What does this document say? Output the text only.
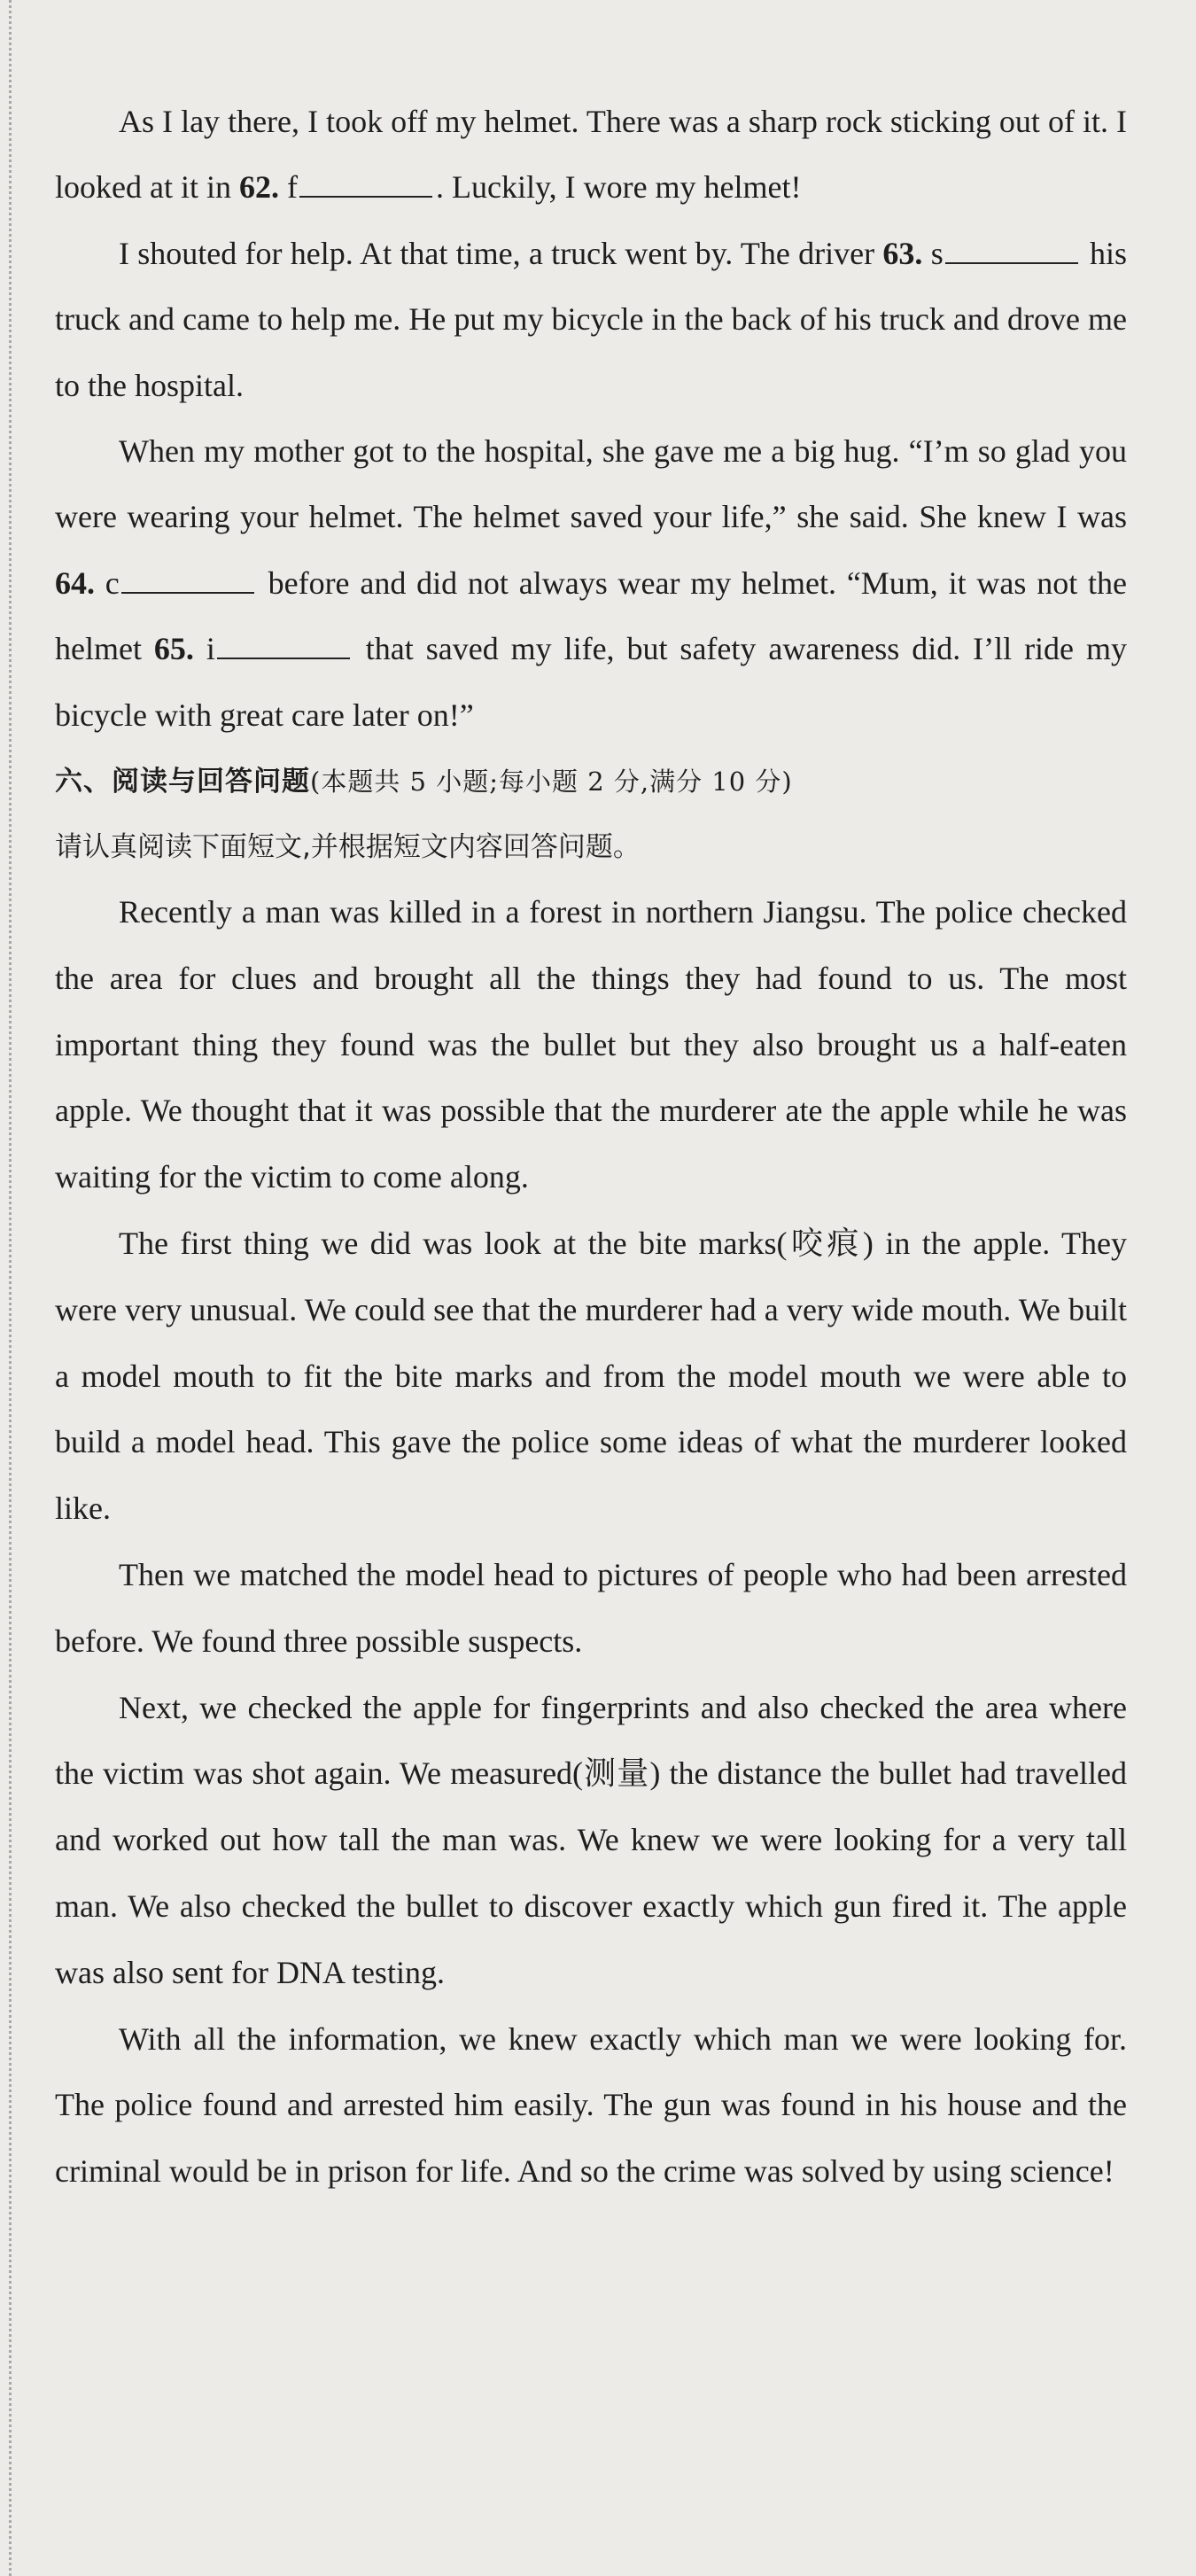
As I lay there, I took off my helmet. There was a sharp rock sticking out of it. I looked at it in 62. f	. Luckily, I wore my helmet!

I shouted for help. At that time, a truck went by. The driver 63. s	his truck and came to help me. He put my bicycle in the back of his truck and drove me to the hospital.

When my mother got to the hospital, she gave me a big hug. “I’m so glad you were wearing your helmet. The helmet saved your life,” she said. She knew I was 64. c	before and did not always wear my helmet. “Mum, it was not the helmet 65. i	that saved my life, but safety awareness did. I’ll ride my bicycle with great care later on!”

六、阅读与回答问题(本题共 5 小题;每小题 2 分,满分 10 分)

请认真阅读下面短文,并根据短文内容回答问题。

Recently a man was killed in a forest in northern Jiangsu. The police checked the area for clues and brought all the things they had found to us. The most important thing they found was the bullet but they also brought us a half-eaten apple. We thought that it was possible that the murderer ate the apple while he was waiting for the victim to come along.

The first thing we did was look at the bite marks(咬痕) in the apple. They were very unusual. We could see that the murderer had a very wide mouth. We built a model mouth to fit the bite marks and from the model mouth we were able to build a model head. This gave the police some ideas of what the murderer looked like.

Then we matched the model head to pictures of people who had been arrested before. We found three possible suspects.

Next, we checked the apple for fingerprints and also checked the area where the victim was shot again. We measured(测量) the distance the bullet had travelled and worked out how tall the man was. We knew we were looking for a very tall man. We also checked the bullet to discover exactly which gun fired it. The apple was also sent for DNA testing.

With all the information, we knew exactly which man we were looking for. The police found and arrested him easily. The gun was found in his house and the criminal would be in prison for life. And so the crime was solved by using science!
